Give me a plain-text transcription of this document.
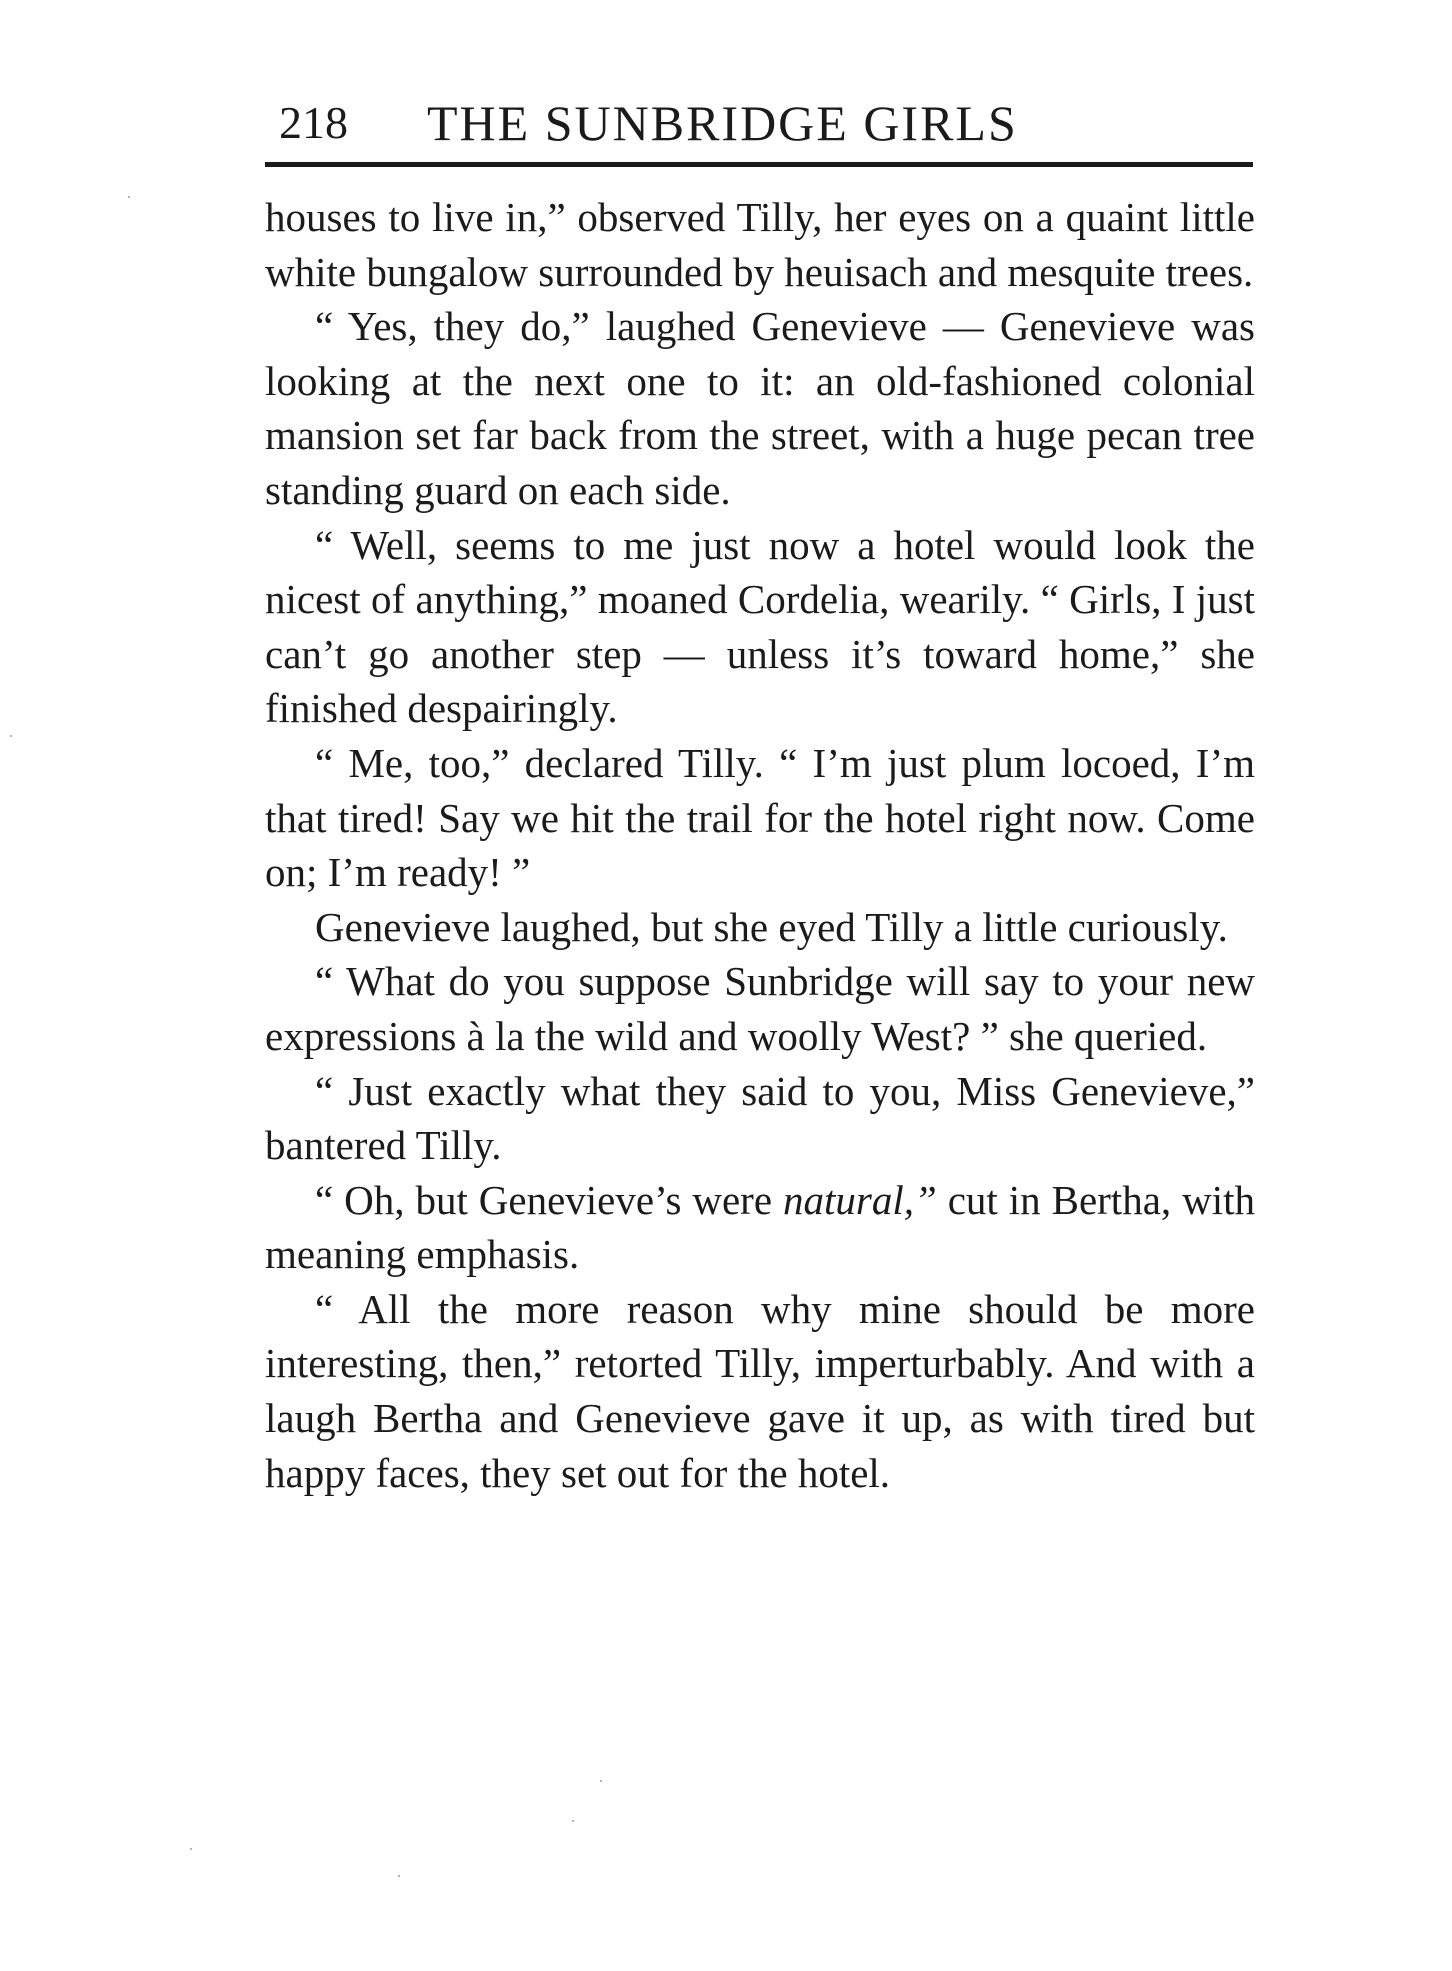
218 THE SUNBRIDGE GIRLS

houses to live in,” observed Tilly, her eyes on a quaint little white bungalow surrounded by heuisach and mesquite trees.

“ Yes, they do,” laughed Genevieve — Genevieve was looking at the next one to it: an old-fashioned colonial mansion set far back from the street, with a huge pecan tree standing guard on each side.

“ Well, seems to me just now a hotel would look the nicest of anything,” moaned Cordelia, wearily. “ Girls, I just can’t go another step — unless it’s toward home,” she finished despairingly.

“ Me, too,” declared Tilly. “ I’m just plum locoed, I’m that tired! Say we hit the trail for the hotel right now. Come on; I’m ready! ”

Genevieve laughed, but she eyed Tilly a little curiously.

“ What do you suppose Sunbridge will say to your new expressions à la the wild and woolly West? ” she queried.

“ Just exactly what they said to you, Miss Genevieve,” bantered Tilly.

“ Oh, but Genevieve’s were natural,” cut in Bertha, with meaning emphasis.

“ All the more reason why mine should be more interesting, then,” retorted Tilly, imperturbably. And with a laugh Bertha and Genevieve gave it up, as with tired but happy faces, they set out for the hotel.
